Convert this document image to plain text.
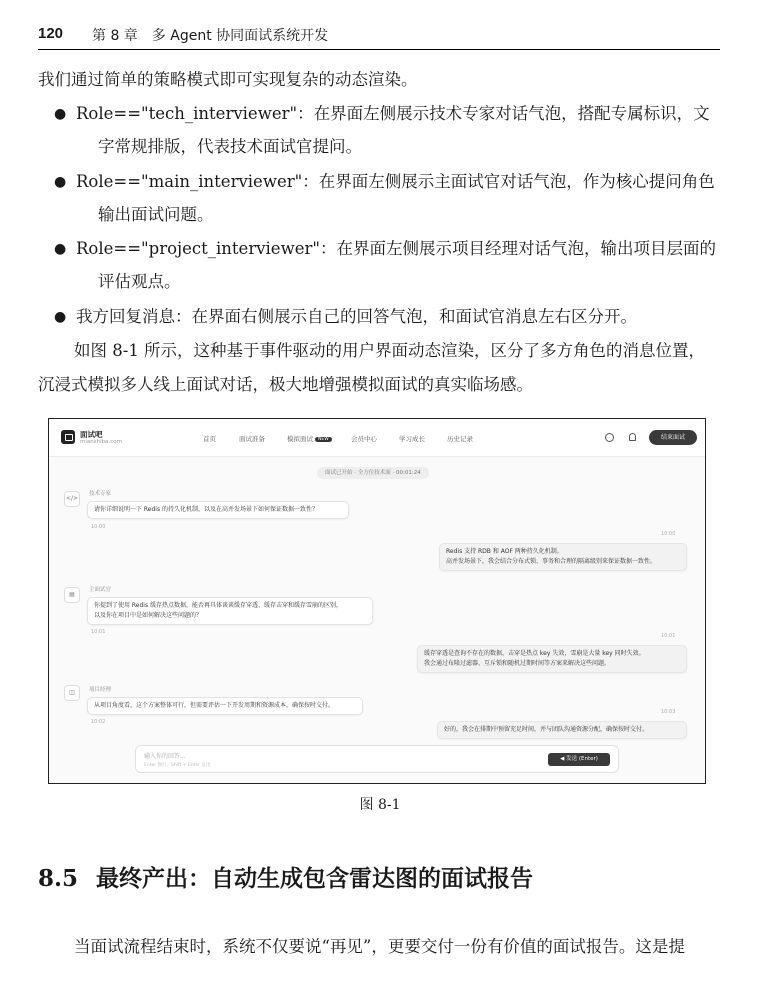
120 第 8 章　多 Agent 协同面试系统开发
我们通过简单的策略模式即可实现复杂的动态渲染。
● Role=="tech_interviewer"：在界面左侧展示技术专家对话气泡，搭配专属标识，文
字常规排版，代表技术面试官提问。
● Role=="main_interviewer"：在界面左侧展示主面试官对话气泡，作为核心提问角色
输出面试问题。
● Role=="project_interviewer"：在界面左侧展示项目经理对话气泡，输出项目层面的
评估观点。
● 我方回复消息：在界面右侧展示自己的回答气泡，和面试官消息左右区分开。
如图 8-1 所示，这种基于事件驱动的用户界面动态渲染，区分了多方角色的消息位置，
沉浸式模拟多人线上面试对话，极大地增强模拟面试的真实临场感。
面试吧
mianshiba.com	首页	面试准备	模拟面试 NEW	会员中心	学习成长	历史记录	结束面试
面试已开始 · 全方位技术面 · 00:01:24
</>
技术专家
请你详细说明一下 Redis 的持久化机制，以及在高并发场景下如何保证数据一致性？
10:00
10:00
Redis 支持 RDB 和 AOF 两种持久化机制。
高并发场景下，我会结合分布式锁、事务和合理的隔离级别来保证数据一致性。
▤
主面试官
你提到了使用 Redis 缓存热点数据，能否再具体谈谈缓存穿透、缓存击穿和缓存雪崩的区别，
以及你在项目中是如何解决这些问题的？
10:01
10:01
缓存穿透是查询不存在的数据，击穿是热点 key 失效，雪崩是大量 key 同时失效。
我会通过布隆过滤器、互斥锁和随机过期时间等方案来解决这些问题。
◫	项目经理
从项目角度看，这个方案整体可行，但需要评估一下开发周期和资源成本，确保按时交付。
10:02
10:03
好的，我会在排期中预留充足时间，并与团队沟通资源分配，确保按时交付。
输入你的回答...
Enter 换行，Shift + Enter 发送
◀ 发送 (Enter)
图 8-1
8.5 最终产出：自动生成包含雷达图的面试报告
当面试流程结束时，系统不仅要说“再见”，更要交付一份有价值的面试报告。这是提
